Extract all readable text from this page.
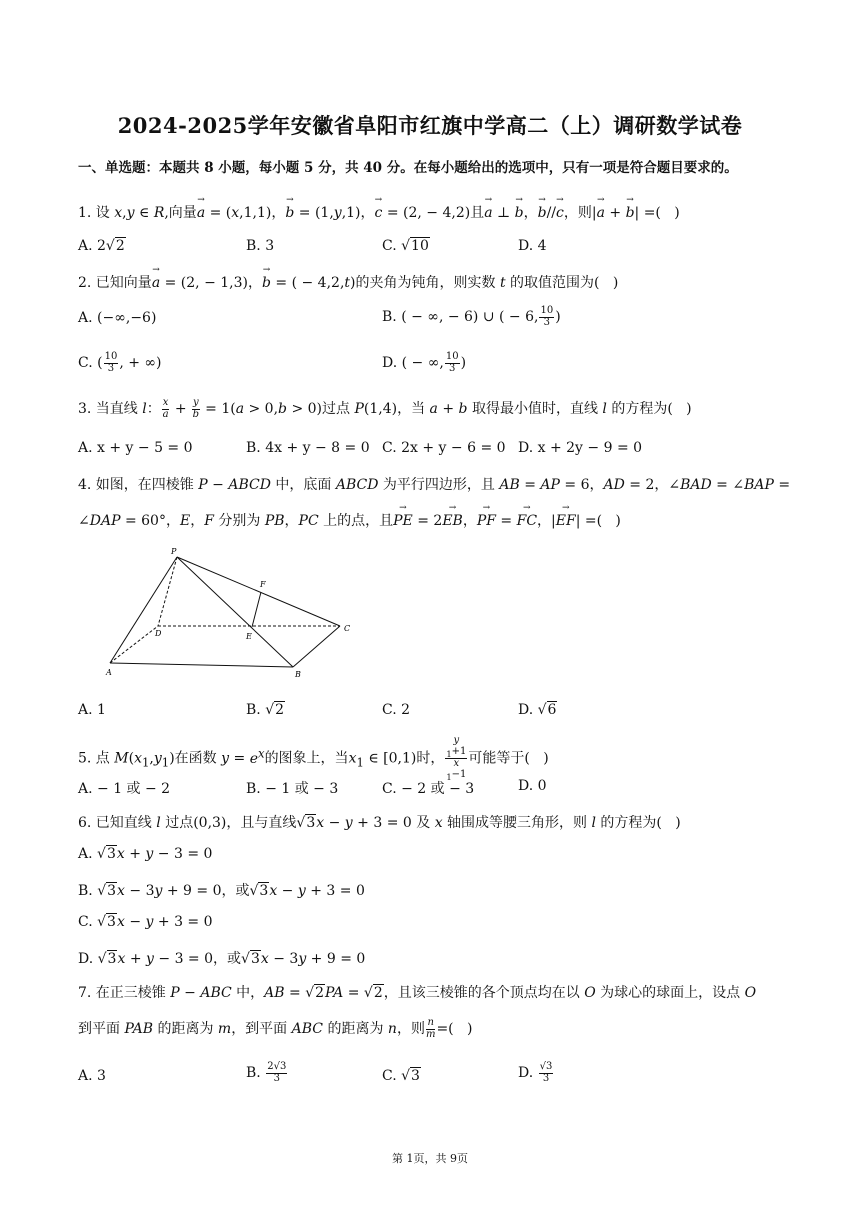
2024-2025学年安徽省阜阳市红旗中学高二（上）调研数学试卷
一、单选题：本题共 8 小题，每小题 5 分，共 40 分。在每小题给出的选项中，只有一项是符合题目要求的。
1. 设 x,y ∈ R,向量→ a = (x,1,1)，→ b = (1,y,1)，→ c = (2, − 4,2)且→ a ⊥ → b，→ b//→ c，则|→ a + → b| =(   )
A. 2√2	B. 3	C. √10	D. 4
2. 已知向量→ a = (2, − 1,3)，→ b = ( − 4,2,t)的夹角为钝角，则实数 t 的取值范围为(   )
A. (−∞,−6)	B. ( − ∞, − 6) ∪ ( − 6, $\frac{10}{3}$ )
C. ( $\frac{10}{3}$ , + ∞)	D. ( − ∞, $\frac{10}{3}$ )
3. 当直线 l： $\frac{x}{a} + \frac{y}{b} = 1(a > 0,b > 0)$过点 P(1,4)，当 a + b 取得最小值时，直线 l 的方程为(   )
A. x + y − 5 = 0	B. 4x + y − 8 = 0 C. 2x + y − 6 = 0 D. x + 2y − 9 = 0
4. 如图，在四棱锥 P − ABCD 中，底面 ABCD 为平行四边形，且 AB = AP = 6，AD = 2，∠BAD = ∠BAP =
∠DAP = 60°，E，F 分别为 PB，PC 上的点，且→ PE = 2→ EB，→ PF = → FC，|→ EF| =(   )
P
F
D	E
C
A	B
A. 1	B. √2	C. 2	D. √6
5. 点 $M(x_1,y_1)$在函数 $y = e^x$的图象上，当$x_1$ ∈ [0,1)时， y
$_1$+1
x
$_1$−1 可能等于(   )
A. − 1 或 − 2	B. − 1 或 − 3	C. − 2 或 − 3	D. 0
6. 已知直线 l 过点(0,3)，且与直线√3x − y + 3 = 0 及 x 轴围成等腰三角形，则 l 的方程为(   )
A. √3x + y − 3 = 0
B. √3x − 3y + 9 = 0，或√3x − y + 3 = 0
C. √3x − y + 3 = 0
D. √3x + y − 3 = 0，或√3x − 3y + 9 = 0
7. 在正三棱锥 P − ABC 中，AB = √2PA = √2，且该三棱锥的各个顶点均在以 O 为球心的球面上，设点 O
到平面 PAB 的距离为 m，到平面 ABC 的距离为 n，则 $\frac{n}{m}$ =(   )
A. 3	B. $\frac{2√3}{3}$	C. √3	D. $\frac{√3}{3}$
第 1页，共 9页
